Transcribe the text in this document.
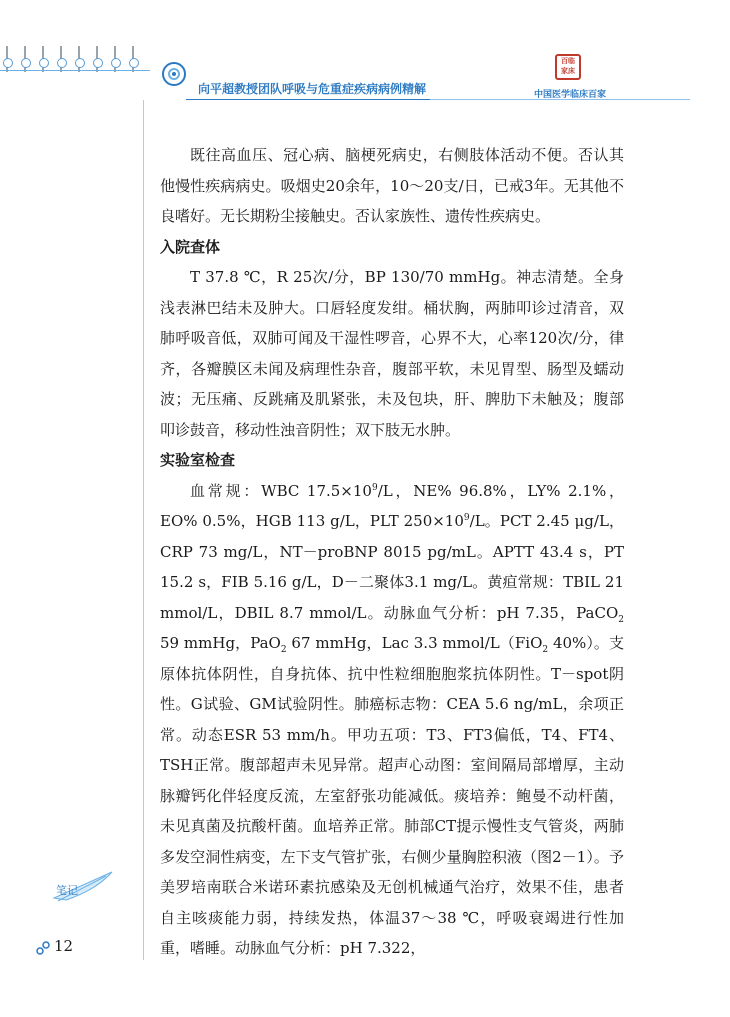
向平超教授团队呼吸与危重症疾病病例精解
百临 家床
中国医学临床百家

既往高血压、冠心病、脑梗死病史，右侧肢体活动不便。否认其他慢性疾病病史。吸烟史20余年，10～20支/日，已戒3年。无其他不良嗜好。无长期粉尘接触史。否认家族性、遗传性疾病史。

入院查体

T 37.8 ℃，R 25次/分，BP 130/70 mmHg。神志清楚。全身浅表淋巴结未及肿大。口唇轻度发绀。桶状胸，两肺叩诊过清音，双肺呼吸音低，双肺可闻及干湿性啰音，心界不大，心率120次/分，律齐，各瓣膜区未闻及病理性杂音，腹部平软，未见胃型、肠型及蠕动波；无压痛、反跳痛及肌紧张，未及包块，肝、脾肋下未触及；腹部叩诊鼓音，移动性浊音阴性；双下肢无水肿。

实验室检查

血常规：WBC $17.5\times 10^9/L$，NE% 96.8%，LY% 2.1%，EO% 0.5%，HGB 113 g/L，PLT $250\times 10^9/L$。PCT 2.45 μg/L，CRP 73 mg/L，NT－proBNP 8015 pg/mL。APTT 43.4 s，PT 15.2 s，FIB 5.16 g/L，D－二聚体3.1 mg/L。黄疸常规：TBIL 21 mmol/L，DBIL 8.7 mmol/L。动脉血气分析：pH 7.35，PaCO$_2$ 59 mmHg，PaO$_2$ 67 mmHg，Lac 3.3 mmol/L（FiO$_2$ 40%）。支原体抗体阴性，自身抗体、抗中性粒细胞胞浆抗体阴性。T－spot阴性。G试验、GM试验阴性。肺癌标志物：CEA 5.6 ng/mL，余项正常。动态ESR 53 mm/h。甲功五项：T3、FT3偏低，T4、FT4、TSH正常。腹部超声未见异常。超声心动图：室间隔局部增厚，主动脉瓣钙化伴轻度反流，左室舒张功能减低。痰培养：鲍曼不动杆菌，未见真菌及抗酸杆菌。血培养正常。肺部CT提示慢性支气管炎，两肺多发空洞性病变，左下支气管扩张，右侧少量胸腔积液（图2－1）。予美罗培南联合米诺环素抗感染及无创机械通气治疗，效果不佳，患者自主咳痰能力弱，持续发热，体温37～38 ℃，呼吸衰竭进行性加重，嗜睡。动脉血气分析：pH 7.322，

笔记
12
